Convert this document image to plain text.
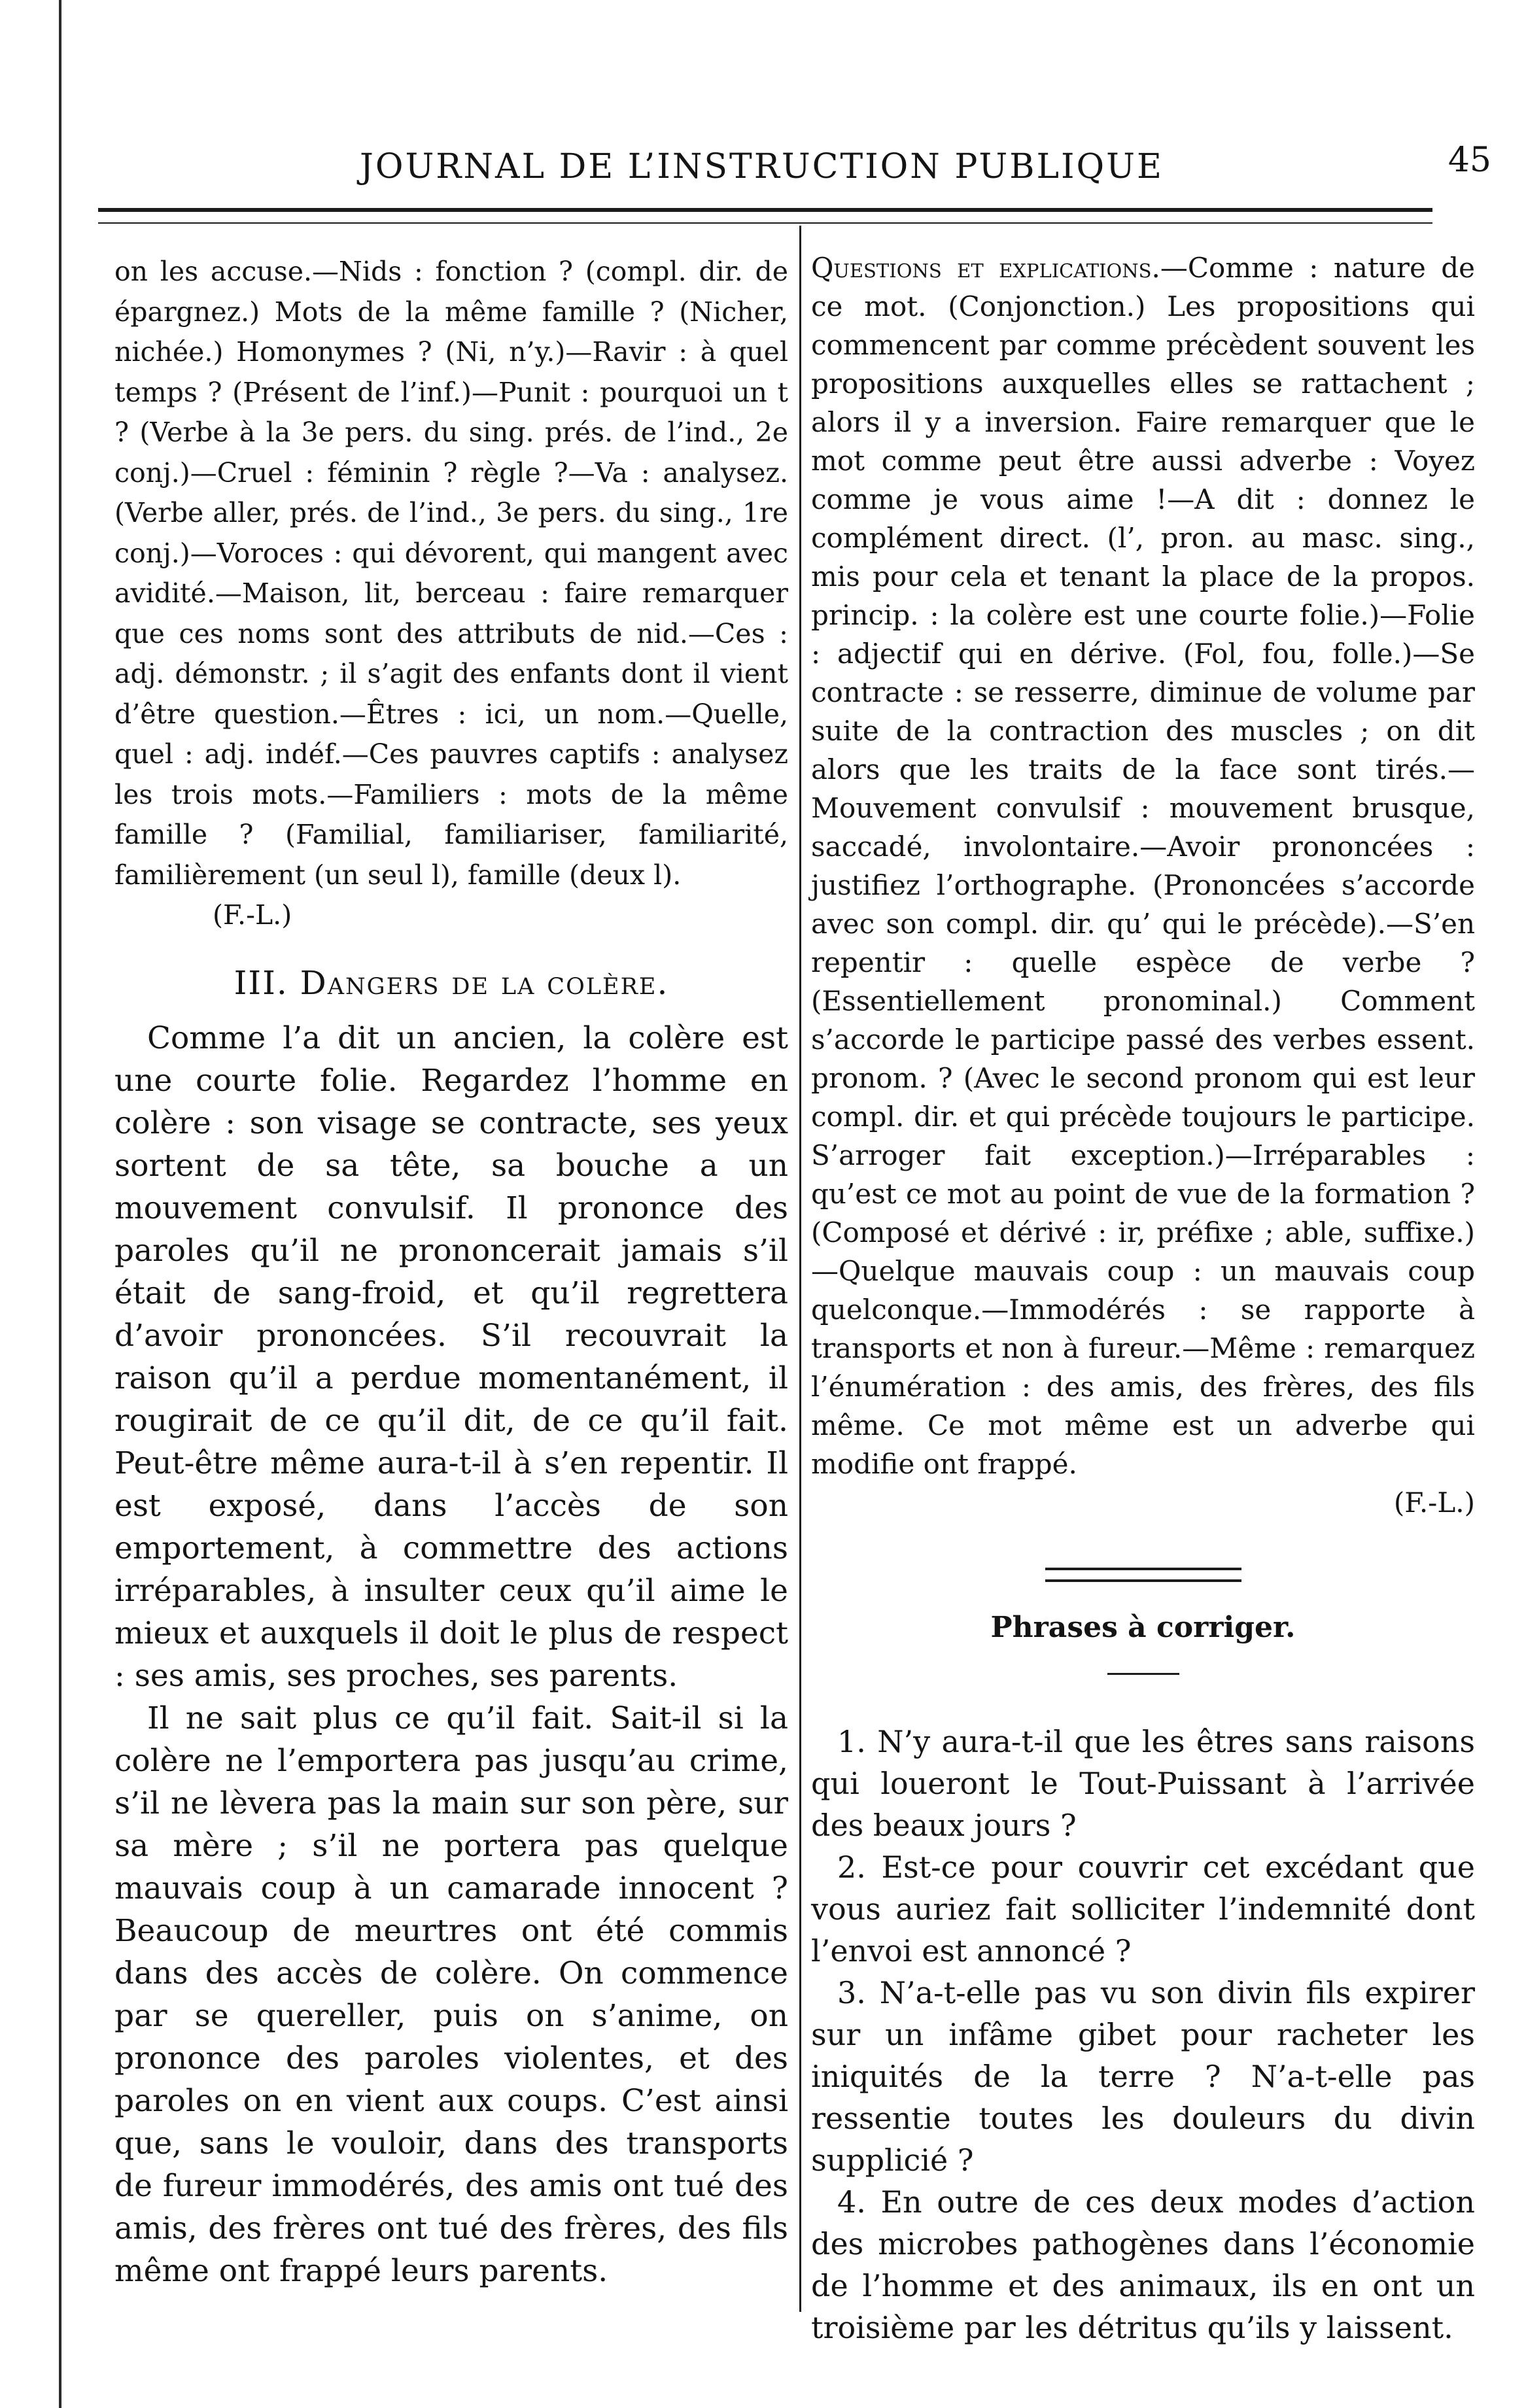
JOURNAL DE L’INSTRUCTION PUBLIQUE	45

on les accuse.—Nids : fonction ? (compl. dir. de épargnez.) Mots de la même famille ? (Nicher, nichée.) Homonymes ? (Ni, n’y.)—Ravir : à quel temps ? (Présent de l’inf.)—Punit : pourquoi un t ? (Verbe à la 3e pers. du sing. prés. de l’ind., 2e conj.)—Cruel : féminin ? règle ?—Va : analysez. (Verbe aller, prés. de l’ind., 3e pers. du sing., 1re conj.)—Voroces : qui dévorent, qui mangent avec avidité.—Maison, lit, berceau : faire remarquer que ces noms sont des attributs de nid.—Ces : adj. démonstr. ; il s’agit des enfants dont il vient d’être question.—Êtres : ici, un nom.—Quelle, quel : adj. indéf.—Ces pauvres captifs : analysez les trois mots.—Familiers : mots de la même famille ? (Familial, familiariser, familiarité, familièrement (un seul l), famille (deux l).

(F.-L.)

III. Dangers de la colère.

Comme l’a dit un ancien, la colère est une courte folie. Regardez l’homme en colère : son visage se contracte, ses yeux sortent de sa tête, sa bouche a un mouvement convulsif. Il prononce des paroles qu’il ne prononcerait jamais s’il était de sang-froid, et qu’il regrettera d’avoir prononcées. S’il recouvrait la raison qu’il a perdue momentanément, il rougirait de ce qu’il dit, de ce qu’il fait. Peut-être même aura-t-il à s’en repentir. Il est exposé, dans l’accès de son emportement, à commettre des actions irréparables, à insulter ceux qu’il aime le mieux et auxquels il doit le plus de respect : ses amis, ses proches, ses parents.

Il ne sait plus ce qu’il fait. Sait-il si la colère ne l’emportera pas jusqu’au crime, s’il ne lèvera pas la main sur son père, sur sa mère ; s’il ne portera pas quelque mauvais coup à un camarade innocent ? Beaucoup de meurtres ont été commis dans des accès de colère. On commence par se quereller, puis on s’anime, on prononce des paroles violentes, et des paroles on en vient aux coups. C’est ainsi que, sans le vouloir, dans des transports de fureur immodérés, des amis ont tué des amis, des frères ont tué des frères, des fils même ont frappé leurs parents.

Questions et explications.—Comme : nature de ce mot. (Conjonction.) Les propositions qui commencent par comme précèdent souvent les propositions auxquelles elles se rattachent ; alors il y a inversion. Faire remarquer que le mot comme peut être aussi adverbe : Voyez comme je vous aime !—A dit : donnez le complément direct. (l’, pron. au masc. sing., mis pour cela et tenant la place de la propos. princip. : la colère est une courte folie.)—Folie : adjectif qui en dérive. (Fol, fou, folle.)—Se contracte : se resserre, diminue de volume par suite de la contraction des muscles ; on dit alors que les traits de la face sont tirés.—Mouvement convulsif : mouvement brusque, saccadé, involontaire.—Avoir prononcées : justifiez l’orthographe. (Prononcées s’accorde avec son compl. dir. qu’ qui le précède).—S’en repentir : quelle espèce de verbe ? (Essentiellement pronominal.) Comment s’accorde le participe passé des verbes essent. pronom. ? (Avec le second pronom qui est leur compl. dir. et qui précède toujours le participe. S’arroger fait exception.)—Irréparables : qu’est ce mot au point de vue de la formation ? (Composé et dérivé : ir, préfixe ; able, suffixe.)—Quelque mauvais coup : un mauvais coup quelconque.—Immodérés : se rapporte à transports et non à fureur.—Même : remarquez l’énumération : des amis, des frères, des fils même. Ce mot même est un adverbe qui modifie ont frappé.

(F.-L.)

Phrases à corriger.

1. N’y aura-t-il que les êtres sans raisons qui loueront le Tout-Puissant à l’arrivée des beaux jours ?

2. Est-ce pour couvrir cet excédant que vous auriez fait solliciter l’indemnité dont l’envoi est annoncé ?

3. N’a-t-elle pas vu son divin fils expirer sur un infâme gibet pour racheter les iniquités de la terre ? N’a-t-elle pas ressentie toutes les douleurs du divin supplicié ?

4. En outre de ces deux modes d’action des microbes pathogènes dans l’économie de l’homme et des animaux, ils en ont un troisième par les détritus qu’ils y laissent.
